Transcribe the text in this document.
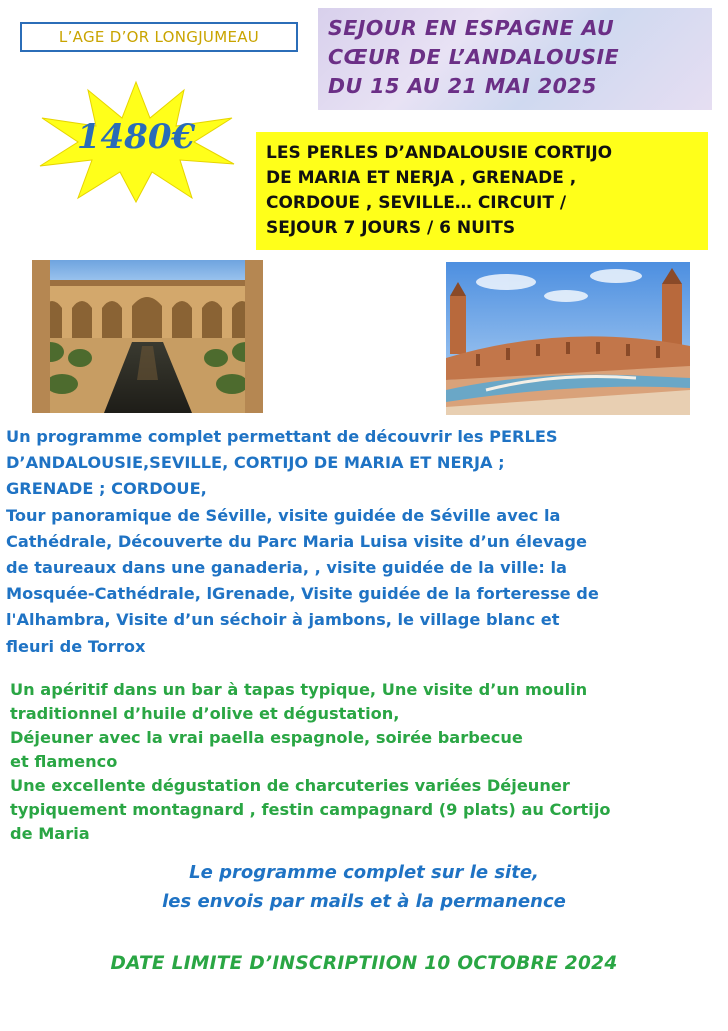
L’AGE D’OR LONGJUMEAU	SEJOUR EN ESPAGNE AU
CŒUR DE L’ANDALOUSIE
DU 15 AU 21 MAI 2025
1480€	LES PERLES D’ANDALOUSIE CORTIJO
DE MARIA ET NERJA , GRENADE ,
CORDOUE , SEVILLE… CIRCUIT /
SEJOUR 7 JOURS / 6 NUITS
Un programme complet permettant de découvrir les PERLES
D’ANDALOUSIE,SEVILLE, CORTIJO DE MARIA ET NERJA ;
GRENADE ; CORDOUE,
Tour panoramique de Séville, visite guidée de Séville avec la
Cathédrale, Découverte du Parc Maria Luisa visite d’un élevage
de taureaux dans une ganaderia, , visite guidée de la ville: la
Mosquée-Cathédrale, lGrenade, Visite guidée de la forteresse de
l'Alhambra, Visite d’un séchoir à jambons, le village blanc et
fleuri de Torrox
Un apéritif dans un bar à tapas typique, Une visite d’un moulin
traditionnel d’huile d’olive et dégustation,
Déjeuner avec la vrai paella espagnole, soirée barbecue
et flamenco
Une excellente dégustation de charcuteries variées Déjeuner
typiquement montagnard , festin campagnard (9 plats) au Cortijo
de Maria
Le programme complet sur le site,
les envois par mails et à la permanence
DATE LIMITE D’INSCRIPTIION 10 OCTOBRE 2024
